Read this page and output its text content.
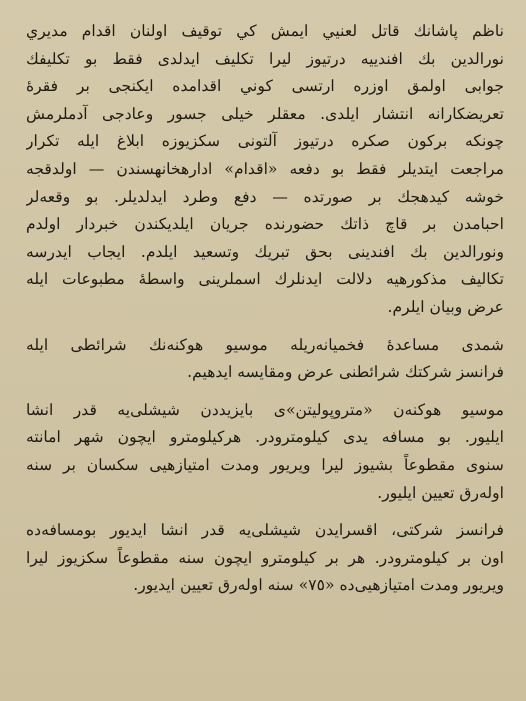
ناظم پاشانك قاتل لعنيي ايمش كي توقيف اولنان اقدام مديري
نورالدين بك افندييه درتيوز ليرا تكليف ايدلدى فقط بو تكليفك
جوابى اولمق اوزره ارتسى كوني اقدامده ايكنجى بر فقرهٔ
تعريضكارانه انتشار ايلدى. معقلر خيلى جسور وعادجى آدملرمش
چونكه بركون صكره درتيوز آلتونى سكزيوزه ابلاغ ايله تكرار
مراجعت ايتديلر فقط بو دفعه «اقدام» ادارهخانهسندن — اولدقجه
خوشه كيدهجك بر صورتده — دفع وطرد ايدلديلر. بو وقعه‌لر
احبامدن بر قاچ ذاتك حضورنده جريان ايلديكندن خبردار اولدم
ونورالدين بك افندينى بحق تبريك وتسعيد ايلدم. ايجاب ايدرسه
تكاليف مذكورهيه دلالت ايدنلرك اسملرينى واسطهٔ مطبوعات ايله
عرض وبيان ايلرم.

شمدى مساعدهٔ فخميانه‌ريله موسيو هوكنه‌نك شرائطى ايله
فرانسز شركتك شرائطنى عرض ومقايسه ايدهيم.

موسيو هوكنه‌ن «متروپوليتن»ى بايزيددن شيشلى‌يه قدر انشا
ايليور. بو مسافه يدى كيلومترودر. هركيلومترو ايچون شهر امانته
سنوى مقطوعاً بشيوز ليرا ويريور ومدت امتيازهيى سكسان بر سنه
اوله‌رق تعيين ايليور.

فرانسز شركتى، اقسرايدن شيشلى‌يه قدر انشا ايديور بومسافه‌ده
اون بر كيلومترودر. هر بر كيلومترو ايچون سنه مقطوعاً سكزيوز ليرا
ويريور ومدت امتيازهيى‌ده «٧٥» سنه اوله‌رق تعيين ايديور.
